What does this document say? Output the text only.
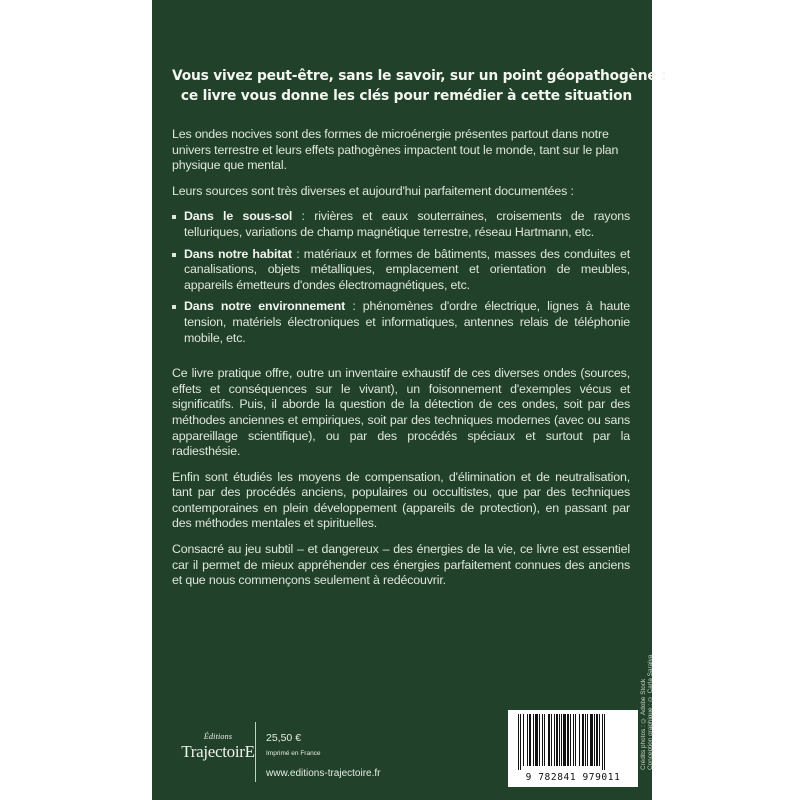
Vous vivez peut-être, sans le savoir, sur un point géopathogène :
ce livre vous donne les clés pour remédier à cette situation

Les ondes nocives sont des formes de microénergie présentes partout dans notre univers terrestre et leurs effets pathogènes impactent tout le monde, tant sur le plan physique que mental.

Leurs sources sont très diverses et aujourd'hui parfaitement documentées :

Dans le sous-sol : rivières et eaux souterraines, croisements de rayons telluriques, variations de champ magnétique terrestre, réseau Hartmann, etc.
Dans notre habitat : matériaux et formes de bâtiments, masses des conduites et canalisations, objets métalliques, emplacement et orientation de meubles, appareils émetteurs d'ondes électromagnétiques, etc.
Dans notre environnement : phénomènes d'ordre électrique, lignes à haute tension, matériels électroniques et informatiques, antennes relais de téléphonie mobile, etc.

Ce livre pratique offre, outre un inventaire exhaustif de ces diverses ondes (sources, effets et conséquences sur le vivant), un foisonnement d'exemples vécus et significatifs. Puis, il aborde la question de la détection de ces ondes, soit par des méthodes anciennes et empiriques, soit par des techniques modernes (avec ou sans appareillage scientifique), ou par des procédés spéciaux et surtout par la radiesthésie.

Enfin sont étudiés les moyens de compensation, d'élimination et de neutralisation, tant par des procédés anciens, populaires ou occultistes, que par des techniques contemporaines en plein développement (appareils de protection), en passant par des méthodes mentales et spirituelles.

Consacré au jeu subtil – et dangereux – des énergies de la vie, ce livre est essentiel car il permet de mieux appréhender ces énergies parfaitement connues des anciens et que nous commençons seulement à redécouvrir.

Crédits photos : © Adobe Stock Conception graphique : © Carla Saraiva
Éditions
TrajectoirE
25,50 €
Imprimé en France
www.editions-trajectoire.fr	9 782841 979011
